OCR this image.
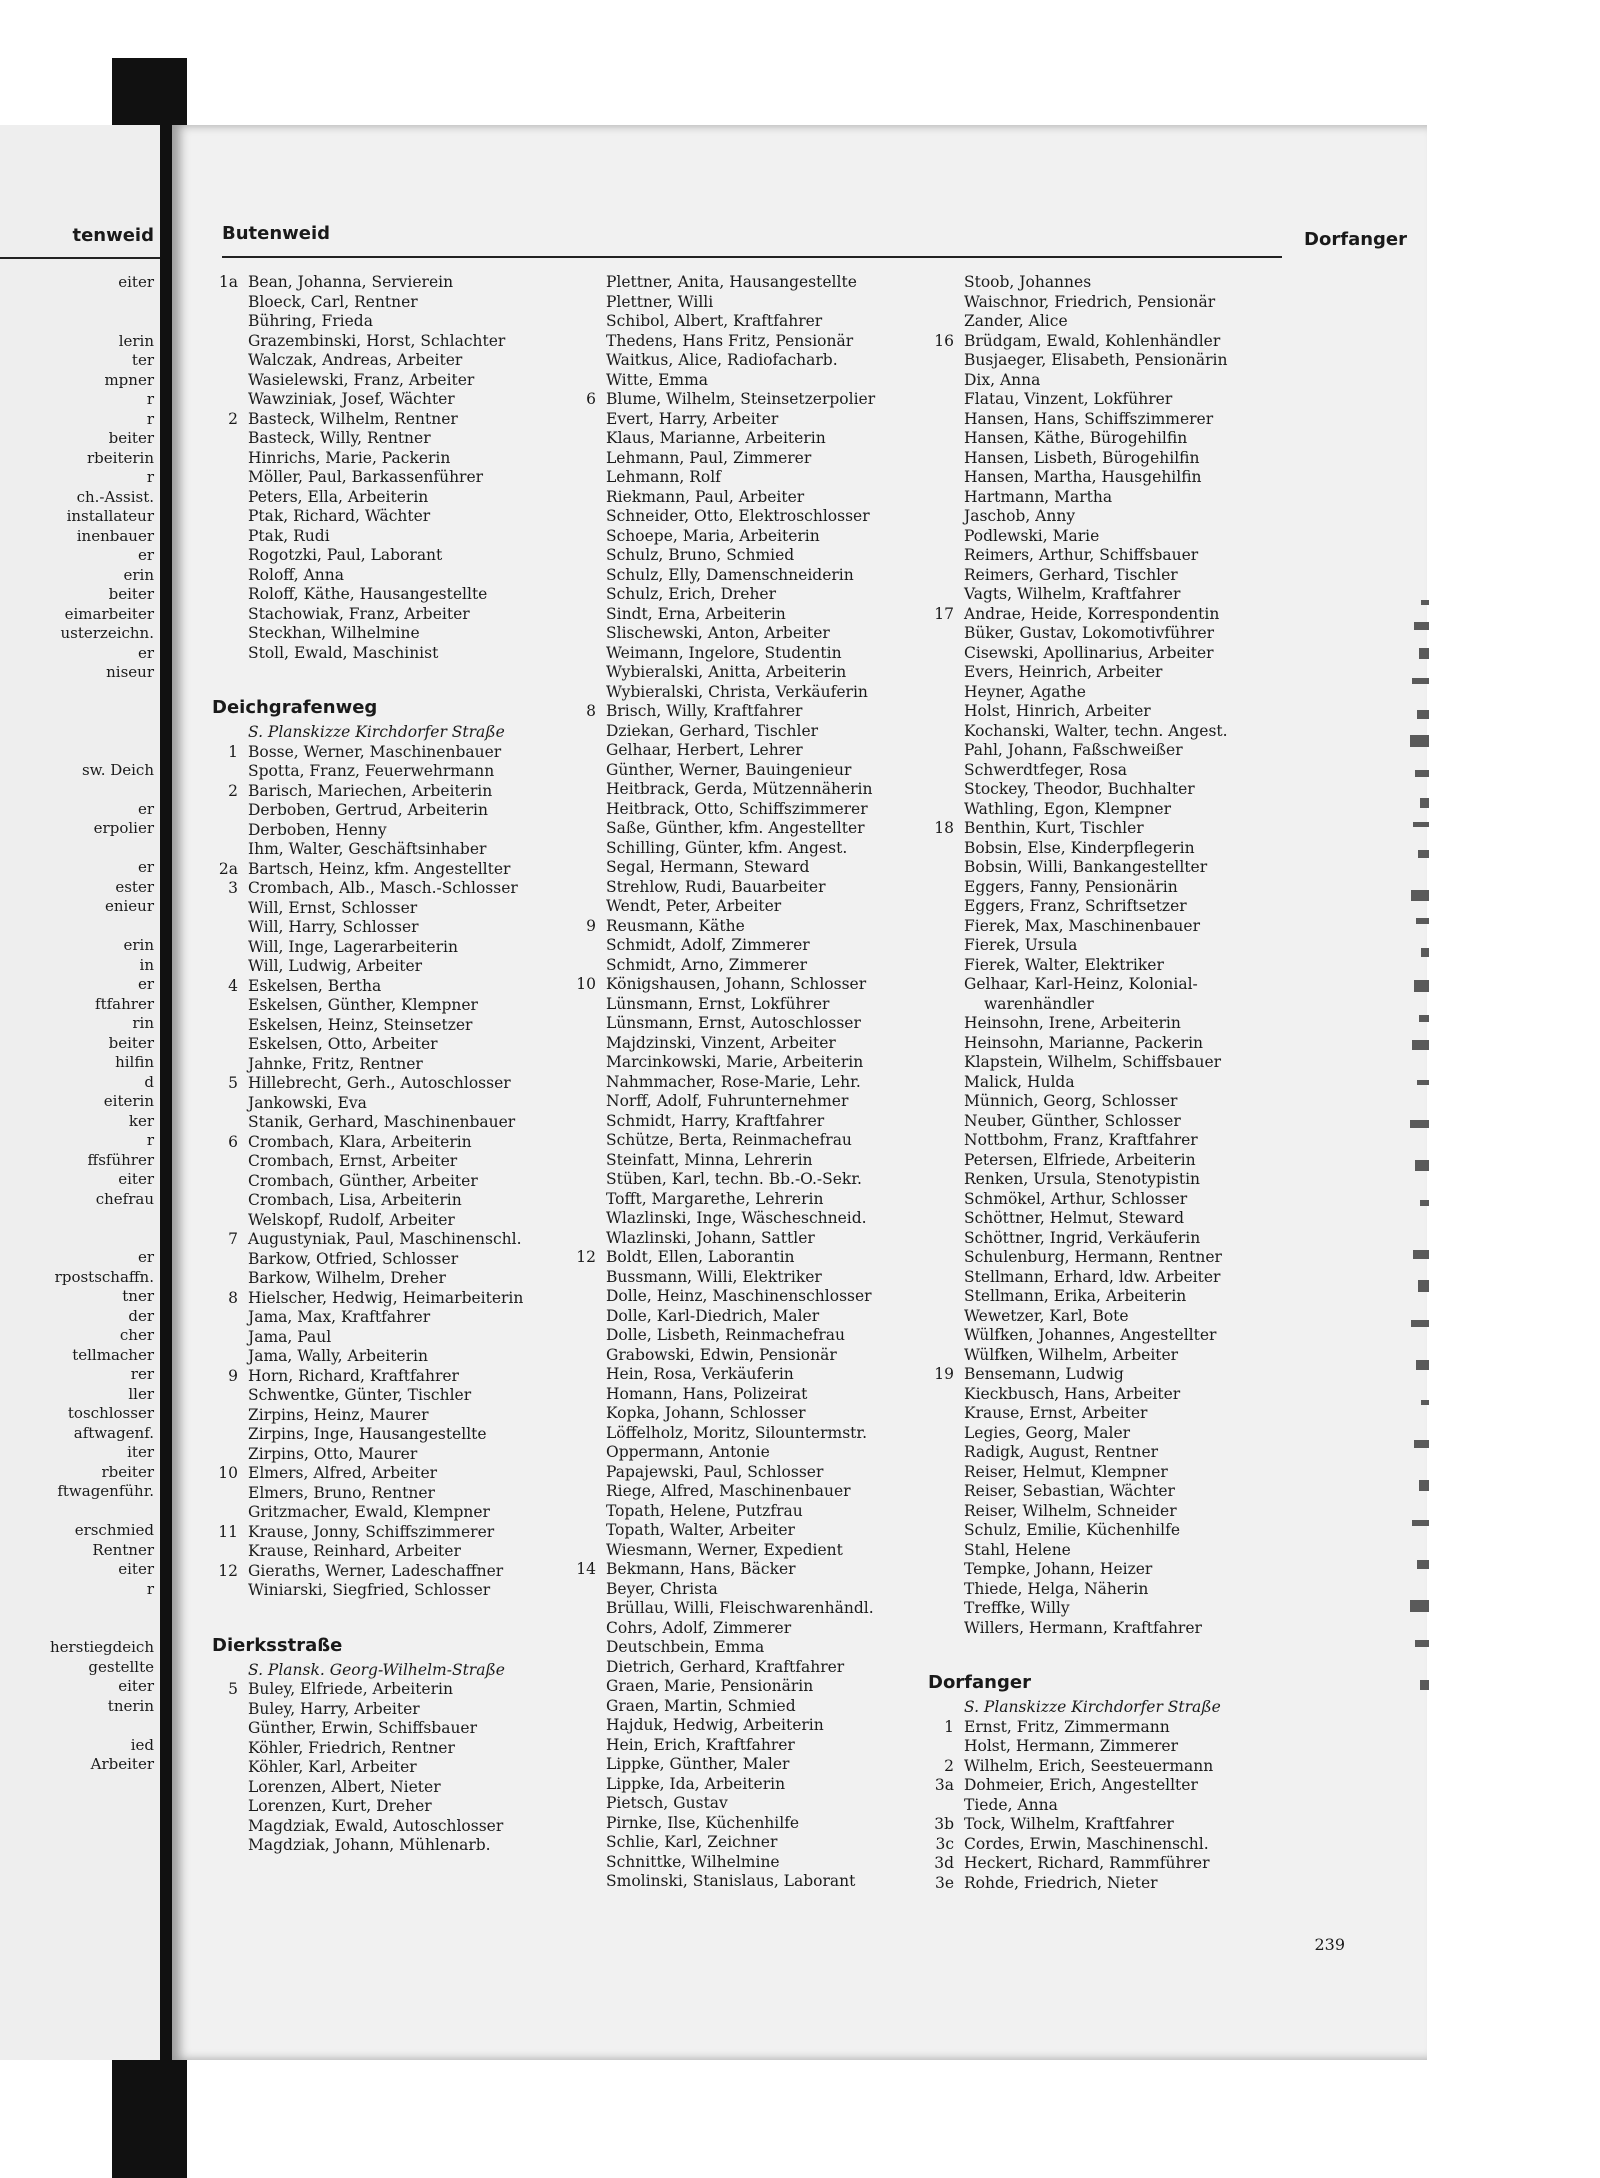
tenweid
eiter
lerin
ter
mpner
r
r
beiter
rbeiterin
r
ch.-Assist.
installateur
inenbauer
er
erin
beiter
eimarbeiter
usterzeichn.
er
niseur
sw. Deich
er
erpolier
er
ester
enieur
erin
in
er
ftfahrer
rin
beiter
hilfin
d
eiterin
ker
r
ffsführer
eiter
chefrau
er
rpostschaffn.
tner
der
cher
tellmacher
rer
ller
toschlosser
aftwagenf.
iter
rbeiter
ftwagenführ.
erschmied
Rentner
eiter
r
herstiegdeich
gestellte
eiter
tnerin
ied
Arbeiter
Butenweid	Dorfanger
1a Bean, Johanna, Servierein
Bloeck, Carl, Rentner
Bühring, Frieda
Grazembinski, Horst, Schlachter
Walczak, Andreas, Arbeiter
Wasielewski, Franz, Arbeiter
Wawziniak, Josef, Wächter
2 Basteck, Wilhelm, Rentner
Basteck, Willy, Rentner
Hinrichs, Marie, Packerin
Möller, Paul, Barkassenführer
Peters, Ella, Arbeiterin
Ptak, Richard, Wächter
Ptak, Rudi
Rogotzki, Paul, Laborant
Roloff, Anna
Roloff, Käthe, Hausangestellte
Stachowiak, Franz, Arbeiter
Steckhan, Wilhelmine
Stoll, Ewald, Maschinist
Deichgrafenweg
S. Planskizze Kirchdorfer Straße
1 Bosse, Werner, Maschinenbauer
Spotta, Franz, Feuerwehrmann
2 Barisch, Mariechen, Arbeiterin
Derboben, Gertrud, Arbeiterin
Derboben, Henny
Ihm, Walter, Geschäftsinhaber
2a Bartsch, Heinz, kfm. Angestellter
3 Crombach, Alb., Masch.-Schlosser
Will, Ernst, Schlosser
Will, Harry, Schlosser
Will, Inge, Lagerarbeiterin
Will, Ludwig, Arbeiter
4 Eskelsen, Bertha
Eskelsen, Günther, Klempner
Eskelsen, Heinz, Steinsetzer
Eskelsen, Otto, Arbeiter
Jahnke, Fritz, Rentner
5 Hillebrecht, Gerh., Autoschlosser
Jankowski, Eva
Stanik, Gerhard, Maschinenbauer
6 Crombach, Klara, Arbeiterin
Crombach, Ernst, Arbeiter
Crombach, Günther, Arbeiter
Crombach, Lisa, Arbeiterin
Welskopf, Rudolf, Arbeiter
7 Augustyniak, Paul, Maschinenschl.
Barkow, Otfried, Schlosser
Barkow, Wilhelm, Dreher
8 Hielscher, Hedwig, Heimarbeiterin
Jama, Max, Kraftfahrer
Jama, Paul
Jama, Wally, Arbeiterin
9 Horn, Richard, Kraftfahrer
Schwentke, Günter, Tischler
Zirpins, Heinz, Maurer
Zirpins, Inge, Hausangestellte
Zirpins, Otto, Maurer
10 Elmers, Alfred, Arbeiter
Elmers, Bruno, Rentner
Gritzmacher, Ewald, Klempner
11 Krause, Jonny, Schiffszimmerer
Krause, Reinhard, Arbeiter
12 Gieraths, Werner, Ladeschaffner
Winiarski, Siegfried, Schlosser
Dierksstraße
S. Plansk. Georg-Wilhelm-Straße
5 Buley, Elfriede, Arbeiterin
Buley, Harry, Arbeiter
Günther, Erwin, Schiffsbauer
Köhler, Friedrich, Rentner
Köhler, Karl, Arbeiter
Lorenzen, Albert, Nieter
Lorenzen, Kurt, Dreher
Magdziak, Ewald, Autoschlosser
Magdziak, Johann, Mühlenarb.
Plettner, Anita, Hausangestellte
Plettner, Willi
Schibol, Albert, Kraftfahrer
Thedens, Hans Fritz, Pensionär
Waitkus, Alice, Radiofacharb.
Witte, Emma
6 Blume, Wilhelm, Steinsetzerpolier
Evert, Harry, Arbeiter
Klaus, Marianne, Arbeiterin
Lehmann, Paul, Zimmerer
Lehmann, Rolf
Riekmann, Paul, Arbeiter
Schneider, Otto, Elektroschlosser
Schoepe, Maria, Arbeiterin
Schulz, Bruno, Schmied
Schulz, Elly, Damenschneiderin
Schulz, Erich, Dreher
Sindt, Erna, Arbeiterin
Slischewski, Anton, Arbeiter
Weimann, Ingelore, Studentin
Wybieralski, Anitta, Arbeiterin
Wybieralski, Christa, Verkäuferin
8 Brisch, Willy, Kraftfahrer
Dziekan, Gerhard, Tischler
Gelhaar, Herbert, Lehrer
Günther, Werner, Bauingenieur
Heitbrack, Gerda, Mützennäherin
Heitbrack, Otto, Schiffszimmerer
Saße, Günther, kfm. Angestellter
Schilling, Günter, kfm. Angest.
Segal, Hermann, Steward
Strehlow, Rudi, Bauarbeiter
Wendt, Peter, Arbeiter
9 Reusmann, Käthe
Schmidt, Adolf, Zimmerer
Schmidt, Arno, Zimmerer
10 Königshausen, Johann, Schlosser
Lünsmann, Ernst, Lokführer
Lünsmann, Ernst, Autoschlosser
Majdzinski, Vinzent, Arbeiter
Marcinkowski, Marie, Arbeiterin
Nahmmacher, Rose-Marie, Lehr.
Norff, Adolf, Fuhrunternehmer
Schmidt, Harry, Kraftfahrer
Schütze, Berta, Reinmachefrau
Steinfatt, Minna, Lehrerin
Stüben, Karl, techn. Bb.-O.-Sekr.
Tofft, Margarethe, Lehrerin
Wlazlinski, Inge, Wäscheschneid.
Wlazlinski, Johann, Sattler
12 Boldt, Ellen, Laborantin
Bussmann, Willi, Elektriker
Dolle, Heinz, Maschinenschlosser
Dolle, Karl-Diedrich, Maler
Dolle, Lisbeth, Reinmachefrau
Grabowski, Edwin, Pensionär
Hein, Rosa, Verkäuferin
Homann, Hans, Polizeirat
Kopka, Johann, Schlosser
Löffelholz, Moritz, Silountermstr.
Oppermann, Antonie
Papajewski, Paul, Schlosser
Riege, Alfred, Maschinenbauer
Topath, Helene, Putzfrau
Topath, Walter, Arbeiter
Wiesmann, Werner, Expedient
14 Bekmann, Hans, Bäcker
Beyer, Christa
Brüllau, Willi, Fleischwarenhändl.
Cohrs, Adolf, Zimmerer
Deutschbein, Emma
Dietrich, Gerhard, Kraftfahrer
Graen, Marie, Pensionärin
Graen, Martin, Schmied
Hajduk, Hedwig, Arbeiterin
Hein, Erich, Kraftfahrer
Lippke, Günther, Maler
Lippke, Ida, Arbeiterin
Pietsch, Gustav
Pirnke, Ilse, Küchenhilfe
Schlie, Karl, Zeichner
Schnittke, Wilhelmine
Smolinski, Stanislaus, Laborant
Stoob, Johannes
Waischnor, Friedrich, Pensionär
Zander, Alice
16 Brüdgam, Ewald, Kohlenhändler
Busjaeger, Elisabeth, Pensionärin
Dix, Anna
Flatau, Vinzent, Lokführer
Hansen, Hans, Schiffszimmerer
Hansen, Käthe, Bürogehilfin
Hansen, Lisbeth, Bürogehilfin
Hansen, Martha, Hausgehilfin
Hartmann, Martha
Jaschob, Anny
Podlewski, Marie
Reimers, Arthur, Schiffsbauer
Reimers, Gerhard, Tischler
Vagts, Wilhelm, Kraftfahrer
17 Andrae, Heide, Korrespondentin
Büker, Gustav, Lokomotivführer
Cisewski, Apollinarius, Arbeiter
Evers, Heinrich, Arbeiter
Heyner, Agathe
Holst, Hinrich, Arbeiter
Kochanski, Walter, techn. Angest.
Pahl, Johann, Faßschweißer
Schwerdtfeger, Rosa
Stockey, Theodor, Buchhalter
Wathling, Egon, Klempner
18 Benthin, Kurt, Tischler
Bobsin, Else, Kinderpflegerin
Bobsin, Willi, Bankangestellter
Eggers, Fanny, Pensionärin
Eggers, Franz, Schriftsetzer
Fierek, Max, Maschinenbauer
Fierek, Ursula
Fierek, Walter, Elektriker
Gelhaar, Karl-Heinz, Kolonial-
warenhändler
Heinsohn, Irene, Arbeiterin
Heinsohn, Marianne, Packerin
Klapstein, Wilhelm, Schiffsbauer
Malick, Hulda
Münnich, Georg, Schlosser
Neuber, Günther, Schlosser
Nottbohm, Franz, Kraftfahrer
Petersen, Elfriede, Arbeiterin
Renken, Ursula, Stenotypistin
Schmökel, Arthur, Schlosser
Schöttner, Helmut, Steward
Schöttner, Ingrid, Verkäuferin
Schulenburg, Hermann, Rentner
Stellmann, Erhard, ldw. Arbeiter
Stellmann, Erika, Arbeiterin
Wewetzer, Karl, Bote
Wülfken, Johannes, Angestellter
Wülfken, Wilhelm, Arbeiter
19 Bensemann, Ludwig
Kieckbusch, Hans, Arbeiter
Krause, Ernst, Arbeiter
Legies, Georg, Maler
Radigk, August, Rentner
Reiser, Helmut, Klempner
Reiser, Sebastian, Wächter
Reiser, Wilhelm, Schneider
Schulz, Emilie, Küchenhilfe
Stahl, Helene
Tempke, Johann, Heizer
Thiede, Helga, Näherin
Treffke, Willy
Willers, Hermann, Kraftfahrer
Dorfanger
S. Planskizze Kirchdorfer Straße
1 Ernst, Fritz, Zimmermann
Holst, Hermann, Zimmerer
2 Wilhelm, Erich, Seesteuermann
3a Dohmeier, Erich, Angestellter
Tiede, Anna
3b Tock, Wilhelm, Kraftfahrer
3c Cordes, Erwin, Maschinenschl.
3d Heckert, Richard, Rammführer
3e Rohde, Friedrich, Nieter
239
